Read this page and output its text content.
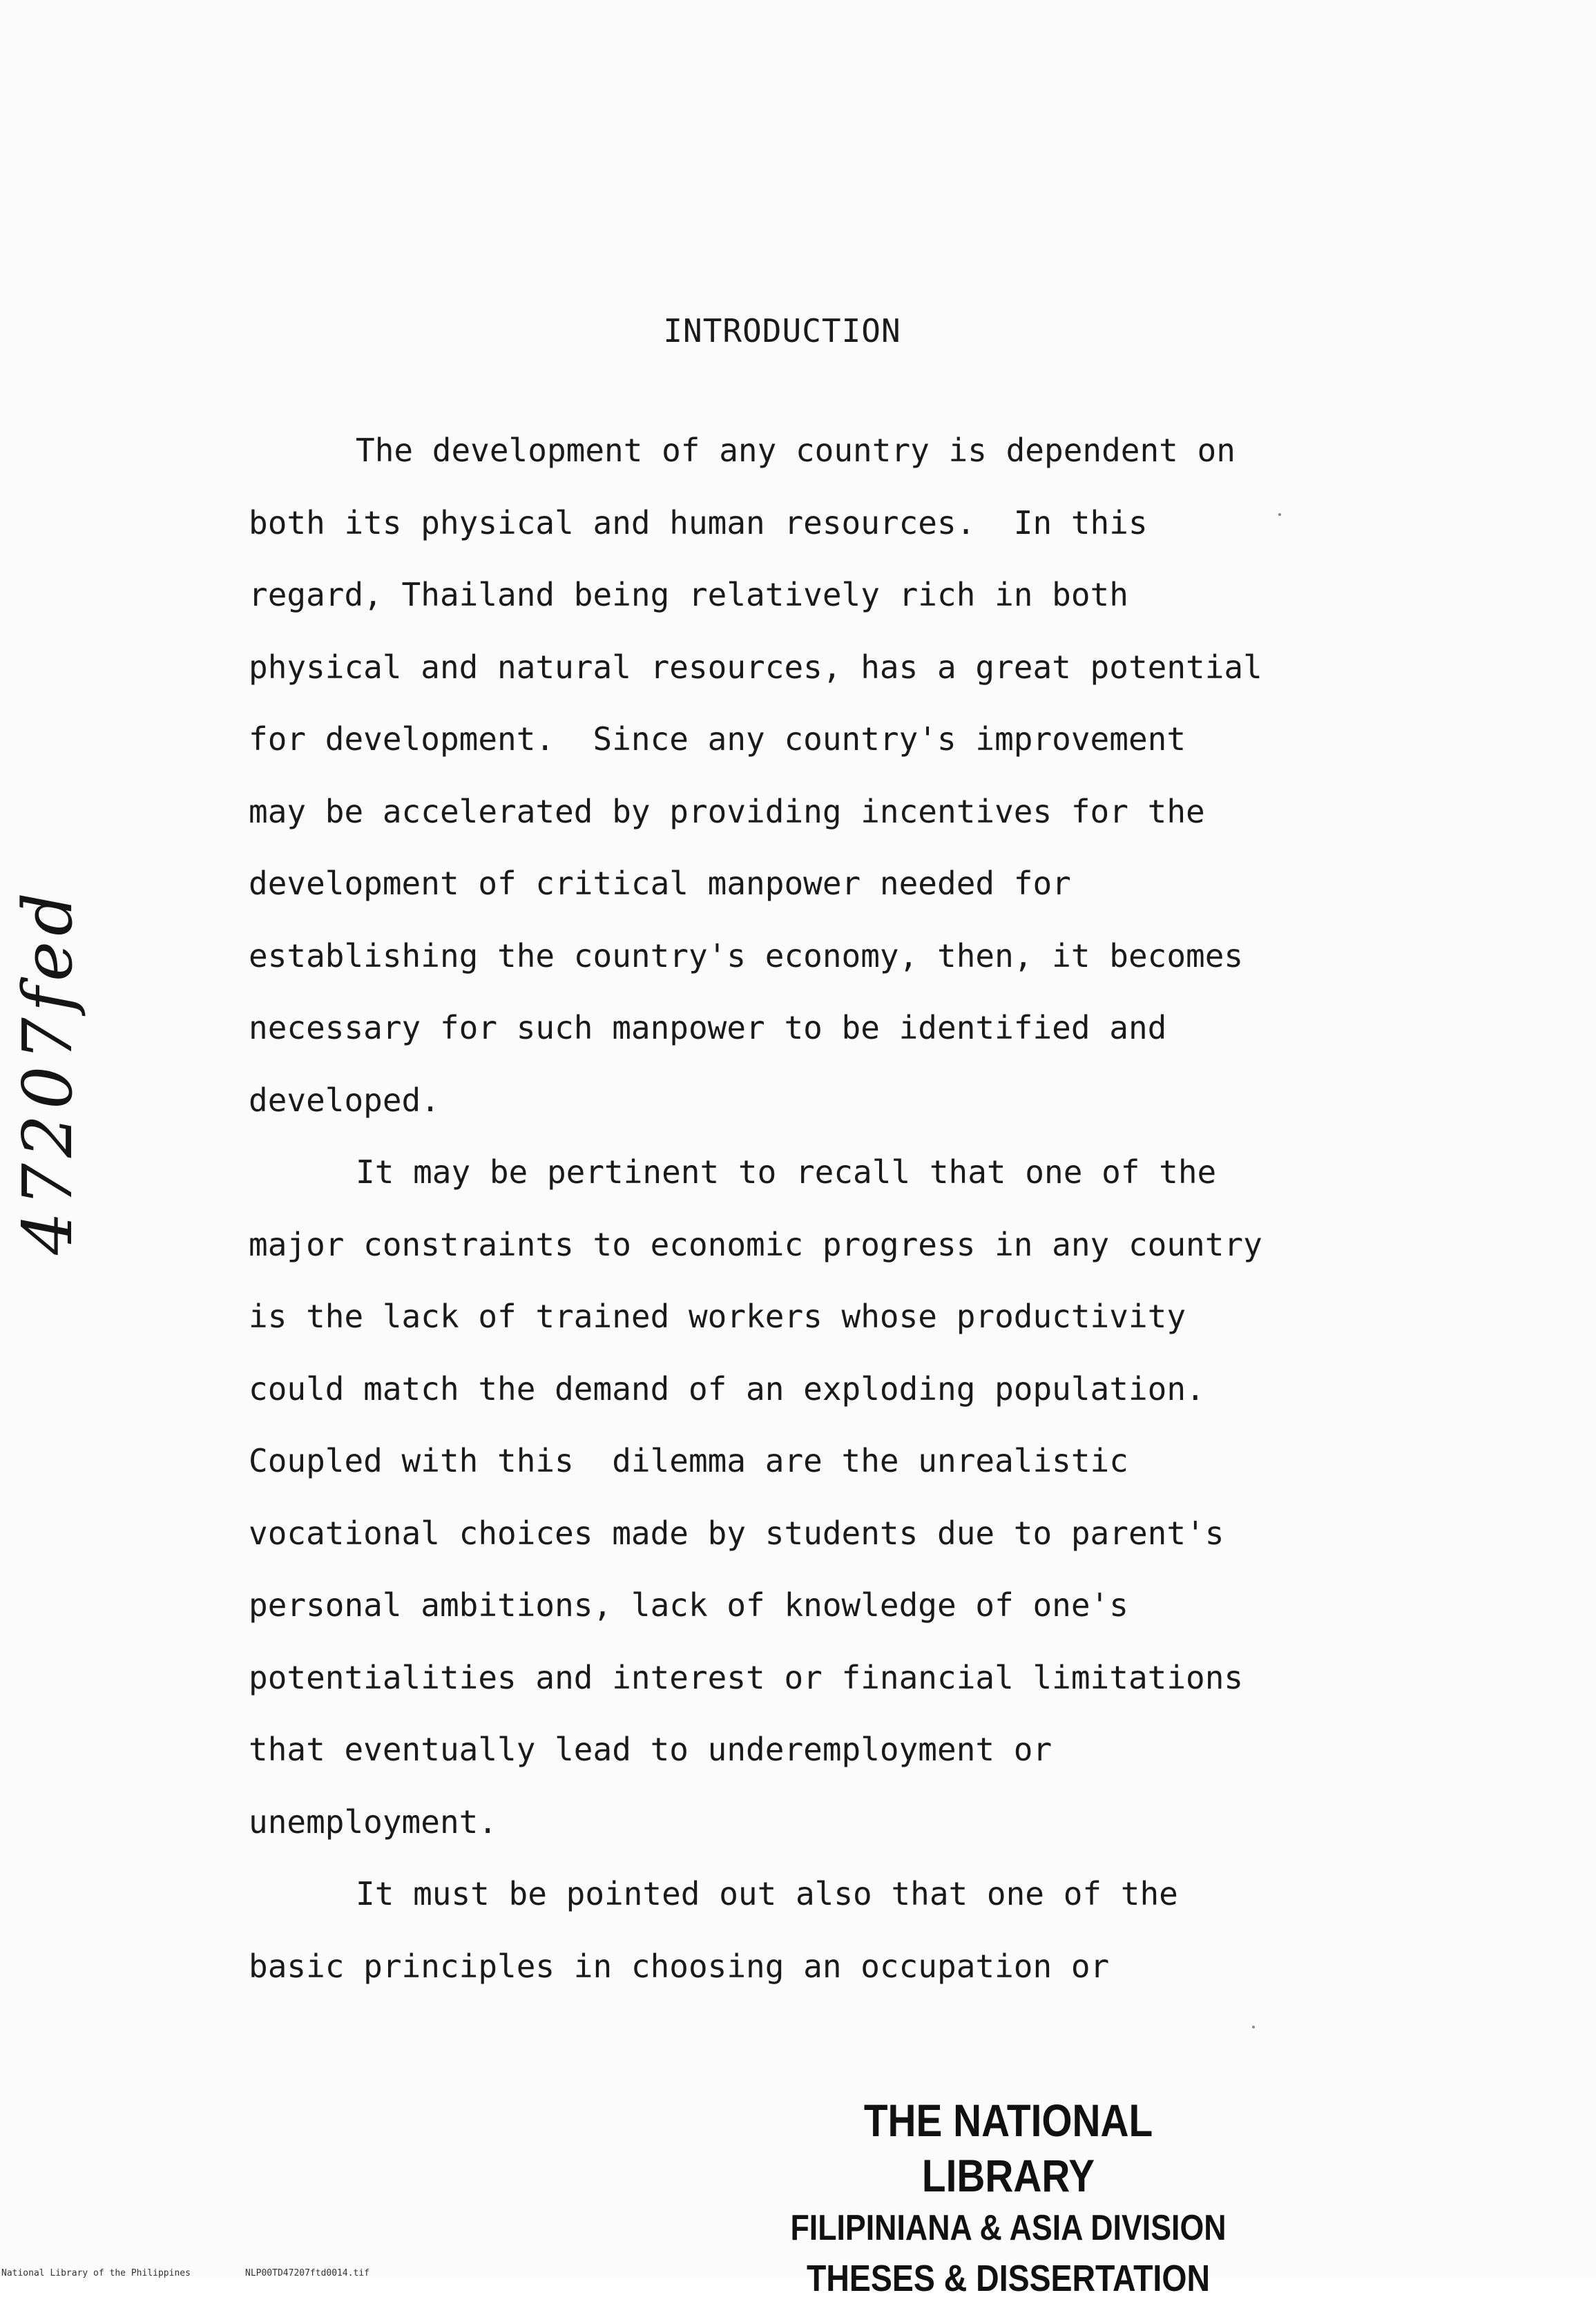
INTRODUCTION
The development of any country is dependent on
both its physical and human resources.  In this
regard, Thailand being relatively rich in both
physical and natural resources, has a great potential
for development.  Since any country's improvement
may be accelerated by providing incentives for the
development of critical manpower needed for
establishing the country's economy, then, it becomes
necessary for such manpower to be identified and
developed.
It may be pertinent to recall that one of the
major constraints to economic progress in any country
is the lack of trained workers whose productivity
could match the demand of an exploding population.
Coupled with this  dilemma are the unrealistic
vocational choices made by students due to parent's
personal ambitions, lack of knowledge of one's
potentialities and interest or financial limitations
that eventually lead to underemployment or
unemployment.
It must be pointed out also that one of the
basic principles in choosing an occupation or
47207fed
THE NATIONAL LIBRARY
FILIPINIANA & ASIA DIVISION
THESES & DISSERTATION
National Library of the Philippines	NLP00TD47207ftd0014.tif
